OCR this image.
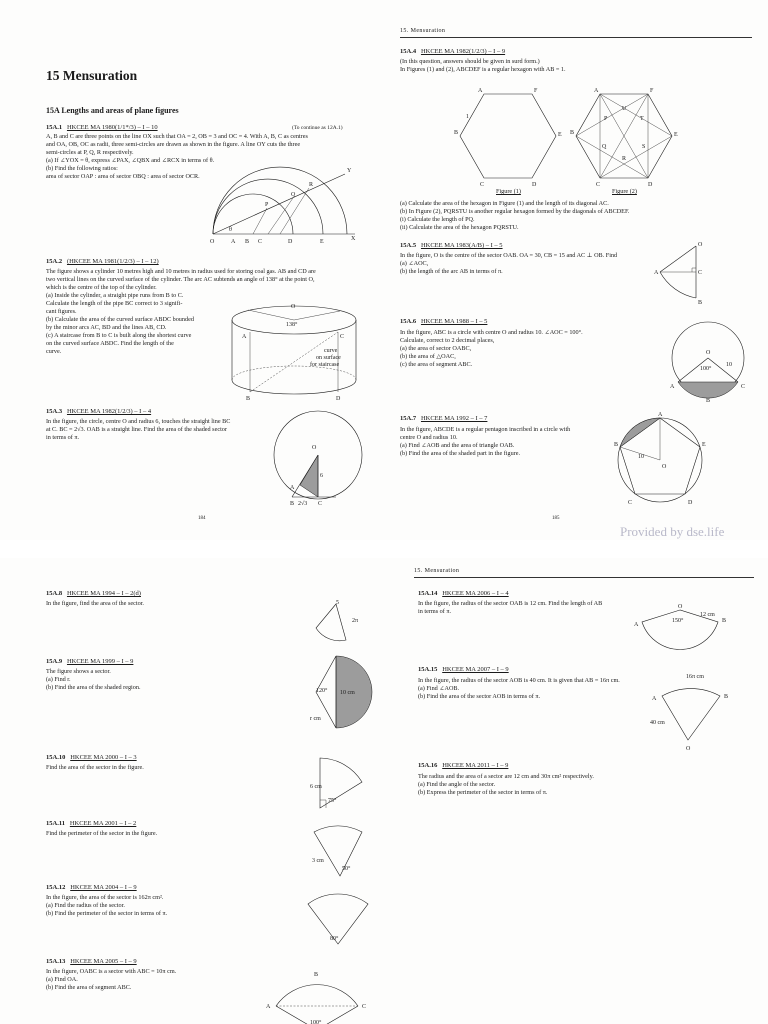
15 Mensuration
15A Lengths and areas of plane figures
15A.1 HKCEE MA 1980(1/1*/3) – I – 10	(To continue as 12A.1)
A, B and C are three points on the line OX such that OA = 2, OB = 3 and OC = 4. With A, B, C as centres
and OA, OB, OC as radii, three semi-circles are drawn as shown in the figure. A line OY cuts the three
semi-circles at P, Q, R respectively.
(a) If ∠YOX = θ, express ∠PAX, ∠QBX and ∠RCX in terms of θ.
(b) Find the following ratios:
area of sector OAP : area of sector OBQ : area of sector OCR.
O	A B C	D	E	X
Y
P
Q
R
θ
15A.2 (HKCEE MA 1981(1/2/3) – I – 12)
The figure shows a cylinder 10 metres high and 10 metres in radius used for storing coal gas. AB and CD are
two vertical lines on the curved surface of the cylinder. The arc AC subtends an angle of 138° at the point O,
which is the centre of the top of the cylinder.
(a) Inside the cylinder, a straight pipe runs from B to C.
Calculate the length of the pipe BC correct to 3 signifi-
cant figures.
(b) Calculate the area of the curved surface ABDC bounded
by the minor arcs AC, BD and the lines AB, CD.
(c) A staircase from B to C is built along the shortest curve
on the curved surface ABDC. Find the length of the
curve.
O
138°
A	C
B	D
curve
on surface
for staircase
15A.3 HKCEE MA 1982(1/2/3) – I – 4
In the figure, the circle, centre O and radius 6, touches the straight line BC
at C. BC = 2√3. OAB is a straight line. Find the area of the shaded sector
in terms of π.
O
A
B	C
6
2√3
184
15. Mensuration
15A.4 HKCEE MA 1982(1/2/3) – I – 9
(In this question, answers should be given in surd form.)
In Figures (1) and (2), ABCDEF is a regular hexagon with AB = 1.
A	F
B	E
C	D
1
A	F
B	E
C	D
P
U
T
S
R
Q
Figure (1)	Figure (2)
(a) Calculate the area of the hexagon in Figure (1) and the length of its diagonal AC.
(b) In Figure (2), PQRSTU is another regular hexagon formed by the diagonals of ABCDEF.
(i) Calculate the length of PQ.
(ii) Calculate the area of the hexagon PQRSTU.
15A.5 HKCEE MA 1983(A/B) – I – 5
In the figure, O is the centre of the sector OAB. OA = 30, CB = 15 and AC ⊥ OB. Find
(a) ∠AOC,
(b) the length of the arc AB in terms of π.
O
A	C
B
15A.6 HKCEE MA 1988 – I – 5
In the figure, ABC is a circle with centre O and radius 10. ∠AOC = 100°.
Calculate, correct to 2 decimal places,
(a) the area of sector OABC,
(b) the area of △OAC,
(c) the area of segment ABC.
O
100°
10
A	C
B
15A.7 HKCEE MA 1992 – I – 7
In the figure, ABCDE is a regular pentagon inscribed in a circle with
centre O and radius 10.
(a) Find ∠AOB and the area of triangle OAB.
(b) Find the area of the shaded part in the figure.
A
B	E
C	D
O
10
185
Provided by dse.life
15A.8 HKCEE MA 1994 – I – 2(d)
In the figure, find the area of the sector.	5
2π
15A.9 HKCEE MA 1999 – I – 9
The figure shows a sector.
(a) Find r.
(b) Find the area of the shaded region.	120° 10 cm
r cm
15A.10 HKCEE MA 2000 – I – 3
Find the area of the sector in the figure.
6 cm
75°
15A.11 HKCEE MA 2001 – I – 2
Find the perimeter of the sector in the figure.
3 cm
50°
15A.12 HKCEE MA 2004 – I – 9
In the figure, the area of the sector is 162π cm².
(a) Find the radius of the sector.
(b) Find the perimeter of the sector in terms of π.
80°
15A.13 HKCEE MA 2005 – I – 9
In the figure, OABC is a sector with ABC = 10π cm.
(a) Find OA.
(b) Find the area of segment ABC.
B
A	C
100°
15. Mensuration
15A.14 HKCEE MA 2006 – I – 4
In the figure, the radius of the sector OAB is 12 cm. Find the length of AB
in terms of π.
O
A
B
12 cm
150°
15A.15 HKCEE MA 2007 – I – 9
In the figure, the radius of the sector AOB is 40 cm. It is given that AB = 16π cm.
(a) Find ∠AOB.
(b) Find the area of the sector AOB in terms of π.
16π cm
A	B
40 cm
O
15A.16 HKCEE MA 2011 – I – 9
The radius and the area of a sector are 12 cm and 30π cm² respectively.
(a) Find the angle of the sector.
(b) Express the perimeter of the sector in terms of π.
